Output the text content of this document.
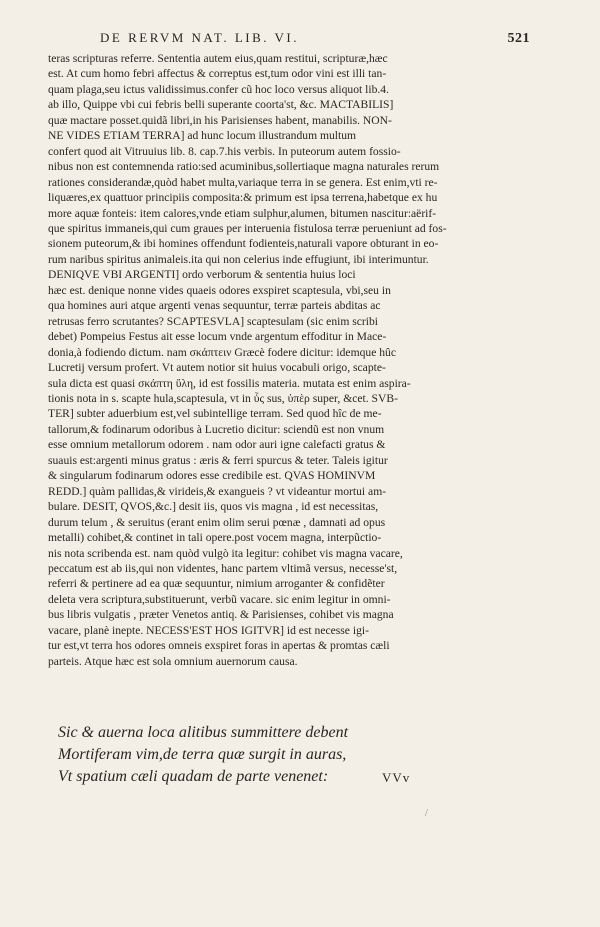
DE RERVM NAT. LIB. VI.	521
teras scripturas referre. Sententia autem eius,quam restitui, scripturæ,hæc
est. At cum homo febri affectus & correptus est,tum odor vini est illi tan-
quam plaga,seu ictus validissimus.confer cũ hoc loco versus aliquot lib.4.
ab illo, Quippe vbi cui febris belli superante coorta'st, &c. MACTABILIS]
quæ mactare posset.quidã libri,in his Parisienses habent, manabilis. NON-
NE VIDES ETIAM TERRA] ad hunc locum illustrandum multum
confert quod ait Vitruuius lib. 8. cap.7.his verbis. In puteorum autem fossio-
nibus non est contemnenda ratio:sed acuminibus,sollertiaque magna naturales rerum
rationes considerandæ,quòd habet multa,variaque terra in se genera. Est enim,vti re-
liquæres,ex quattuor principiis composita:& primum est ipsa terrena,habetque ex hu
more aquæ fonteis: item calores,vnde etiam sulphur,alumen, bitumen nascitur:aërif-
que spiritus immaneis,qui cum graues per interuenia fistulosa terræ perueniunt ad fos-
sionem puteorum,& ibi homines offendunt fodienteis,naturali vapore obturant in eo-
rum naribus spiritus animaleis.ita qui non celerius inde effugiunt, ibi interimuntur.
DENIQVE VBI ARGENTI] ordo verborum & sententia huius loci
hæc est. denique nonne vides quaeis odores exspiret scaptesula, vbi,seu in
qua homines auri atque argenti venas sequuntur, terræ parteis abditas ac
retrusas ferro scrutantes? SCAPTESVLA] scaptesulam (sic enim scribi
debet) Pompeius Festus ait esse locum vnde argentum effoditur in Mace-
donia,à fodiendo dictum. nam σκάπτειν Græcè fodere dicitur: idemque hûc
Lucretij versum profert. Vt autem notior sit huius vocabuli origo, scapte-
sula dicta est quasi σκάπτη ὕλη, id est fossilis materia. mutata est enim aspira-
tionis nota in s. scapte hula,scaptesula, vt in ὗς sus, ὑπὲρ super, &cet. SVB-
TER] subter aduerbium est,vel subintellige terram. Sed quod hîc de me-
tallorum,& fodinarum odoribus à Lucretio dicitur: sciendũ est non vnum
esse omnium metallorum odorem . nam odor auri igne calefacti gratus &
suauis est:argenti minus gratus : æris & ferri spurcus & teter. Taleis igitur
& singularum fodinarum odores esse credibile est. QVAS HOMINVM
REDD.] quàm pallidas,& virideis,& exangueis ? vt videantur mortui am-
bulare. DESIT, QVOS,&c.] desit iis, quos vis magna , id est necessitas,
durum telum , & seruitus (erant enim olim serui pœnæ , damnati ad opus
metalli) cohibet,& continet in tali opere.post vocem magna, interpũctio-
nis nota scribenda est. nam quòd vulgò ita legitur: cohibet vis magna vacare,
peccatum est ab iis,qui non videntes, hanc partem vltimã versus, necesse'st,
referri & pertinere ad ea quæ sequuntur, nimium arroganter & confidẽter
deleta vera scriptura,substituerunt, verbũ vacare. sic enim legitur in omni-
bus libris vulgatis , præter Venetos antiq. & Parisienses, cohibet vis magna
vacare, planè inepte. NECESS'EST HOS IGITVR] id est necesse igi-
tur est,vt terra hos odores omneis exspiret foras in apertas & promtas cæli
parteis. Atque hæc est sola omnium auernorum causa.
Sic & auerna loca alitibus summittere debent
Mortiferam vim,de terra quæ surgit in auras,
Vt spatium cæli quadam de parte venenet:	VVv
/
